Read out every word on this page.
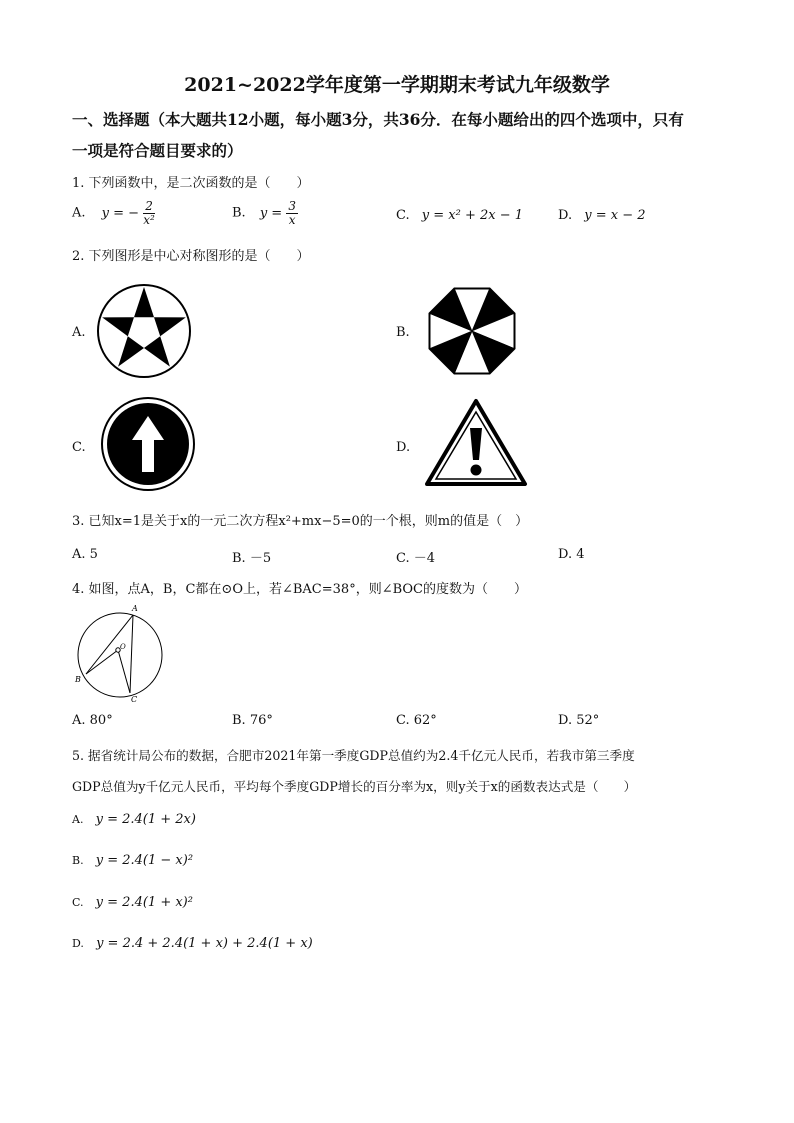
2021~2022学年度第一学期期末考试九年级数学
一、选择题（本大题共12小题，每小题3分，共36分．在每小题给出的四个选项中，只有
一项是符合题目要求的）
1. 下列函数中，是二次函数的是（　　）
A. y = − $\frac{2}{\text{x²}}$	B. $y = \frac{3}{x}$	C. y = x² + 2x − 1	D. y = x − 2
2. 下列图形是中心对称图形的是（　　）
A.	B.
C.	D.
3. 已知x=1是关于x的一元二次方程x²+mx−5=0的一个根，则m的值是（　）
A. 5	B. －5	C. －4	D. 4
4. 如图，点A，B，C都在⊙O上，若∠BAC=38°，则∠BOC的度数为（　　）
A
B
C
O
A. 80°	B. 76°	C. 62°	D. 52°
5. 据省统计局公布的数据，合肥市2021年第一季度GDP总值约为2.4千亿元人民币，若我市第三季度
GDP总值为y千亿元人民币，平均每个季度GDP增长的百分率为x，则y关于x的函数表达式是（　　）
A. y = 2.4(1 + 2x)
B. y = 2.4(1 − x)²
C. y = 2.4(1 + x)²
D. y = 2.4 + 2.4(1 + x) + 2.4(1 + x)
